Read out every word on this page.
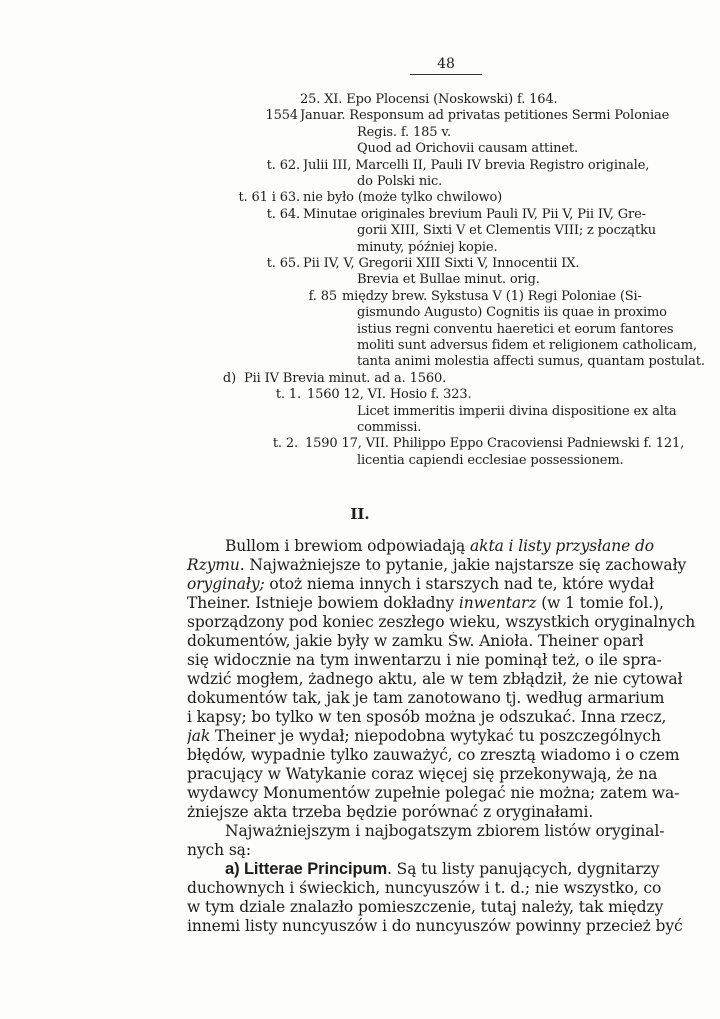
48
25. XI. Epo Plocensi (Noskowski) f. 164.
1554 Januar. Responsum ad privatas petitiones Sermi Poloniae
Regis. f. 185 v.
Quod ad Orichovii causam attinet.
t. 62. Julii III, Marcelli II, Pauli IV brevia Registro originale,
do Polski nic.
t. 61 i 63. nie było (może tylko chwilowo)
t. 64. Minutae originales brevium Pauli IV, Pii V, Pii IV, Gre-
gorii XIII, Sixti V et Clementis VIII; z początku
minuty, później kopie.
t. 65. Pii IV, V, Gregorii XIII Sixti V, Innocentii IX.
Brevia et Bullae minut. orig.
f. 85 między brew. Sykstusa V (1) Regi Poloniae (Si-
gismundo Augusto) Cognitis iis quae in proximo
istius regni conventu haeretici et eorum fantores
moliti sunt adversus fidem et religionem catholicam,
tanta animi molestia affecti sumus, quantam postulat.
d) Pii IV Brevia minut. ad a. 1560.
t. 1. 1560 12, VI. Hosio f. 323.
Licet immeritis imperii divina dispositione ex alta
commissi.
t. 2. 1590 17, VII. Philippo Eppo Cracoviensi Padniewski f. 121,
licentia capiendi ecclesiae possessionem.
II.
Bullom i brewiom odpowiadają akta i listy przysłane do
Rzymu. Najważniejsze to pytanie, jakie najstarsze się zachowały
oryginały; otoż niema innych i starszych nad te, które wydał
Theiner. Istnieje bowiem dokładny inwentarz (w 1 tomie fol.),
sporządzony pod koniec zeszłego wieku, wszystkich oryginalnych
dokumentów, jakie były w zamku Św. Anioła. Theiner oparł
się widocznie na tym inwentarzu i nie pominął też, o ile spra-
wdzić mogłem, żadnego aktu, ale w tem zbłądził, że nie cytował
dokumentów tak, jak je tam zanotowano tj. według armarium
i kapsy; bo tylko w ten sposób można je odszukać. Inna rzecz,
jak Theiner je wydał; niepodobna wytykać tu poszczególnych
błędów, wypadnie tylko zauważyć, co zresztą wiadomo i o czem
pracujący w Watykanie coraz więcej się przekonywają, że na
wydawcy Monumentów zupełnie polegać nie można; zatem wa-
żniejsze akta trzeba będzie porównać z oryginałami.
Najważniejszym i najbogatszym zbiorem listów oryginal-
nych są:
a) Litterae Principum. Są tu listy panujących, dygnitarzy
duchownych i świeckich, nuncyuszów i t. d.; nie wszystko, co
w tym dziale znalazło pomieszczenie, tutaj należy, tak między
innemi listy nuncyuszów i do nuncyuszów powinny przecież być
